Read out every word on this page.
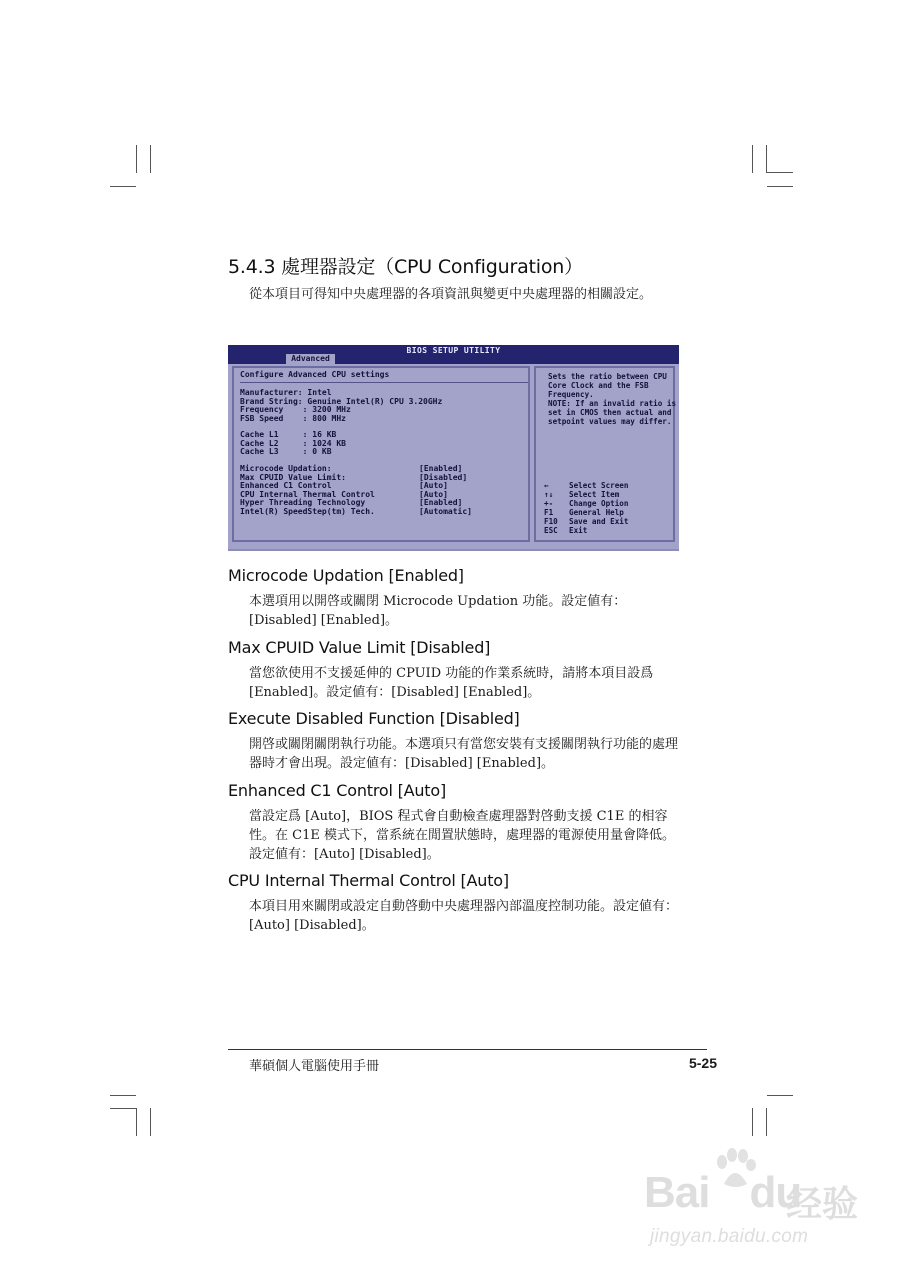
5.4.3 處理器設定（CPU Configuration）

從本項目可得知中央處理器的各項資訊與變更中央處理器的相關設定。

BIOS SETUP UTILITY
Advanced
Configure Advanced CPU settings
Manufacturer: Intel
Brand String: Genuine Intel(R) CPU 3.20GHz
Frequency    : 3200 MHz
FSB Speed    : 800 MHz
Cache L1     : 16 KB
Cache L2     : 1024 KB
Cache L3     : 0 KB
Microcode Updation:	[Enabled]
Max CPUID Value Limit:	[Disabled]
Enhanced C1 Control	[Auto]
CPU Internal Thermal Control	[Auto]
Hyper Threading Technology	[Enabled]
Intel(R) SpeedStep(tm) Tech.	[Automatic]
Sets the ratio between CPU Core Clock and the FSB Frequency.
NOTE: If an invalid ratio is set in CMOS then actual and setpoint values may differ.
←	Select Screen
↑↓ Select Item
+- Change Option
F1 General Help
F10 Save and Exit
ESC Exit
Microcode Updation [Enabled]

本選項用以開啓或關閉 Microcode Updation 功能。設定値有：[Disabled] [Enabled]。

Max CPUID Value Limit [Disabled]

當您欲使用不支援延伸的 CPUID 功能的作業系統時，請將本項目設爲[Enabled]。設定値有：[Disabled] [Enabled]。

Execute Disabled Function [Disabled]

開啓或關閉關閉執行功能。本選項只有當您安裝有支援關閉執行功能的處理器時才會出現。設定値有：[Disabled] [Enabled]。

Enhanced C1 Control [Auto]

當設定爲 [Auto]，BIOS 程式會自動檢查處理器對啓動支援 C1E 的相容性。在 C1E 模式下，當系統在閒置狀態時，處理器的電源使用量會降低。設定値有：[Auto] [Disabled]。

CPU Internal Thermal Control [Auto]

本項目用來關閉或設定自動啓動中央處理器內部溫度控制功能。設定値有：[Auto] [Disabled]。

華碩個人電腦使用手冊	5-25
Bai du
经验
jingyan.baidu.com
